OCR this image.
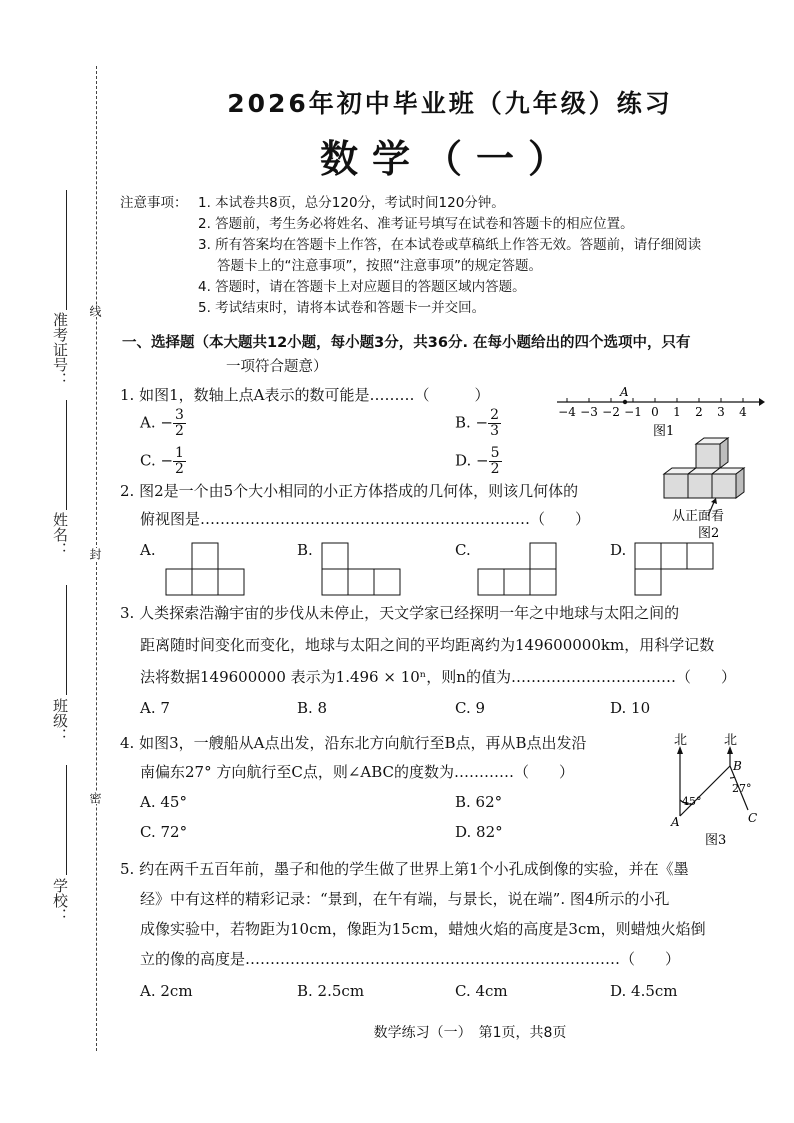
准考证号：
姓名：
班级：
学校：
线
封
密
2026年初中毕业班（九年级）练习
数学（一）
注意事项： 1. 本试卷共8页，总分120分，考试时间120分钟。
2. 答题前，考生务必将姓名、准考证号填写在试卷和答题卡的相应位置。
3. 所有答案均在答题卡上作答，在本试卷或草稿纸上作答无效。答题前，请仔细阅读
答题卡上的“注意事项”，按照“注意事项”的规定答题。
4. 答题时，请在答题卡上对应题目的答题区域内答题。
5. 考试结束时，请将本试卷和答题卡一并交回。
一、选择题（本大题共12小题，每小题3分，共36分. 在每小题给出的四个选项中，只有
一项符合题意）
1. 如图1，数轴上点A表示的数可能是………（　　　）
A. − $\frac{3}{2}$	B. − $\frac{2}{3}$
C. − $\frac{1}{2}$	D. − $\frac{5}{2}$
−4 −3 −2 −1 0 1 2 3 4
A
图1
2. 图2是一个由5个大小相同的小正方体搭成的几何体，则该几何体的
俯视图是…………………………………………………………（　　）	从正面看
图2
A.	B.	C.	D.
3. 人类探索浩瀚宇宙的步伐从未停止，天文学家已经探明一年之中地球与太阳之间的
距离随时间变化而变化，地球与太阳之间的平均距离约为149600000km，用科学记数
法将数据149600000 表示为1.496 × 10ⁿ，则n的值为……………………………（　　）
A. 7	B. 8	C. 9	D. 10
4. 如图3，一艘船从A点出发，沿东北方向航行至B点，再从B点出发沿
南偏东27° 方向航行至C点，则∠ABC的度数为…………（　　）
A. 45°	B. 62°
C. 72°	D. 82°
北	北
45°
27°
A
B
C
图3
5. 约在两千五百年前，墨子和他的学生做了世界上第1个小孔成倒像的实验，并在《墨
经》中有这样的精彩记录：“景到，在午有端，与景长，说在端”. 图4所示的小孔
成像实验中，若物距为10cm，像距为15cm，蜡烛火焰的高度是3cm，则蜡烛火焰倒
立的像的高度是…………………………………………………………………（　　）
A. 2cm	B. 2.5cm	C. 4cm	D. 4.5cm
数学练习（一）　第1页，共8页
